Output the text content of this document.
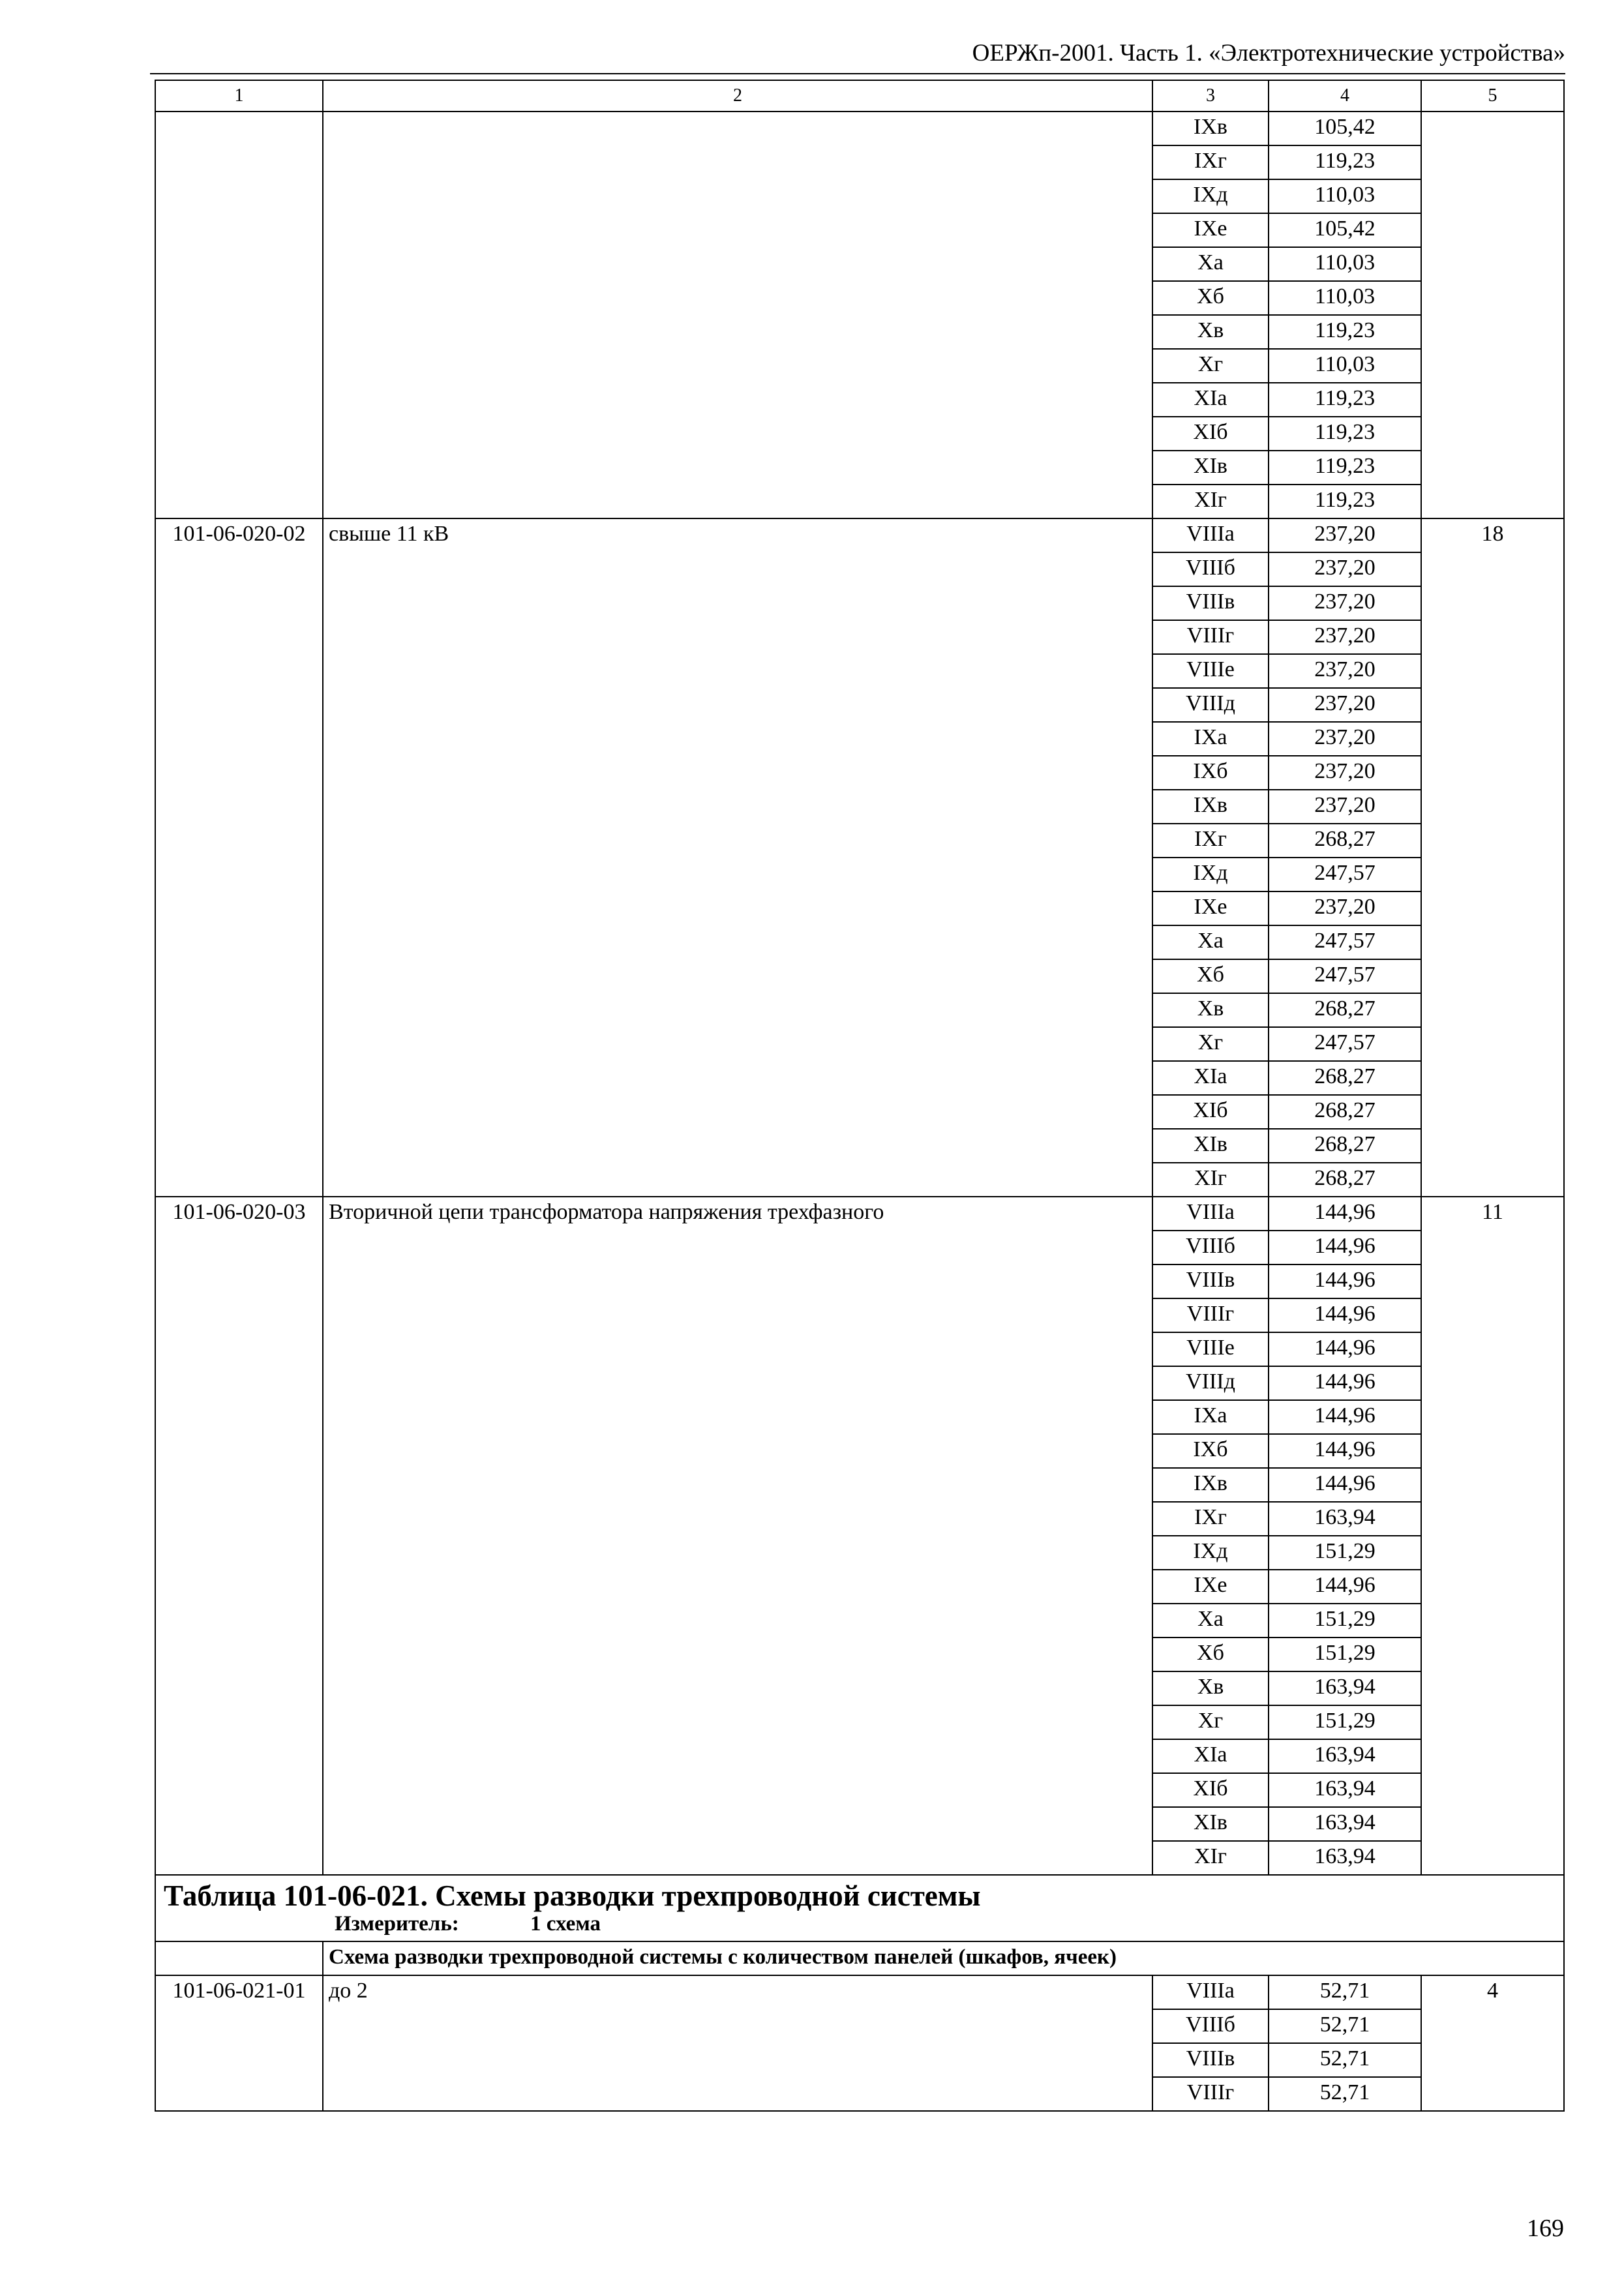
ОЕРЖп-2001. Часть 1. «Электротехнические устройства»
1	2	3	4	5
		IXв	105,42	
		IXг	119,23	
		IXд	110,03	
		IXе	105,42	
		Xа	110,03	
		Xб	110,03	
		Xв	119,23	
		Xг	110,03	
		XIа	119,23	
		XIб	119,23	
		XIв	119,23	
		XIг	119,23	
101-06-020-02	свыше 11 кВ	VIIIа	237,20	18
		VIIIб	237,20	
		VIIIв	237,20	
		VIIIг	237,20	
		VIIIе	237,20	
		VIIIд	237,20	
		IXа	237,20	
		IXб	237,20	
		IXв	237,20	
		IXг	268,27	
		IXд	247,57	
		IXе	237,20	
		Xа	247,57	
		Xб	247,57	
		Xв	268,27	
		Xг	247,57	
		XIа	268,27	
		XIб	268,27	
		XIв	268,27	
		XIг	268,27	
101-06-020-03	Вторичной цепи трансформатора напряжения трехфазного	VIIIа	144,96	11
		VIIIб	144,96	
		VIIIв	144,96	
		VIIIг	144,96	
		VIIIе	144,96	
		VIIIд	144,96	
		IXа	144,96	
		IXб	144,96	
		IXв	144,96	
		IXг	163,94	
		IXд	151,29	
		IXе	144,96	
		Xа	151,29	
		Xб	151,29	
		Xв	163,94	
		Xг	151,29	
		XIа	163,94	
		XIб	163,94	
		XIв	163,94	
		XIг	163,94	

Таблица 101-06-021. Схемы разводки трехпроводной системы
Измеритель: 1 схема				

	Схема разводки трехпроводной системы с количеством панелей (шкафов, ячеек)			
101-06-021-01	до 2	VIIIа	52,71	4
		VIIIб	52,71	
		VIIIв	52,71	
		VIIIг	52,71	
169
